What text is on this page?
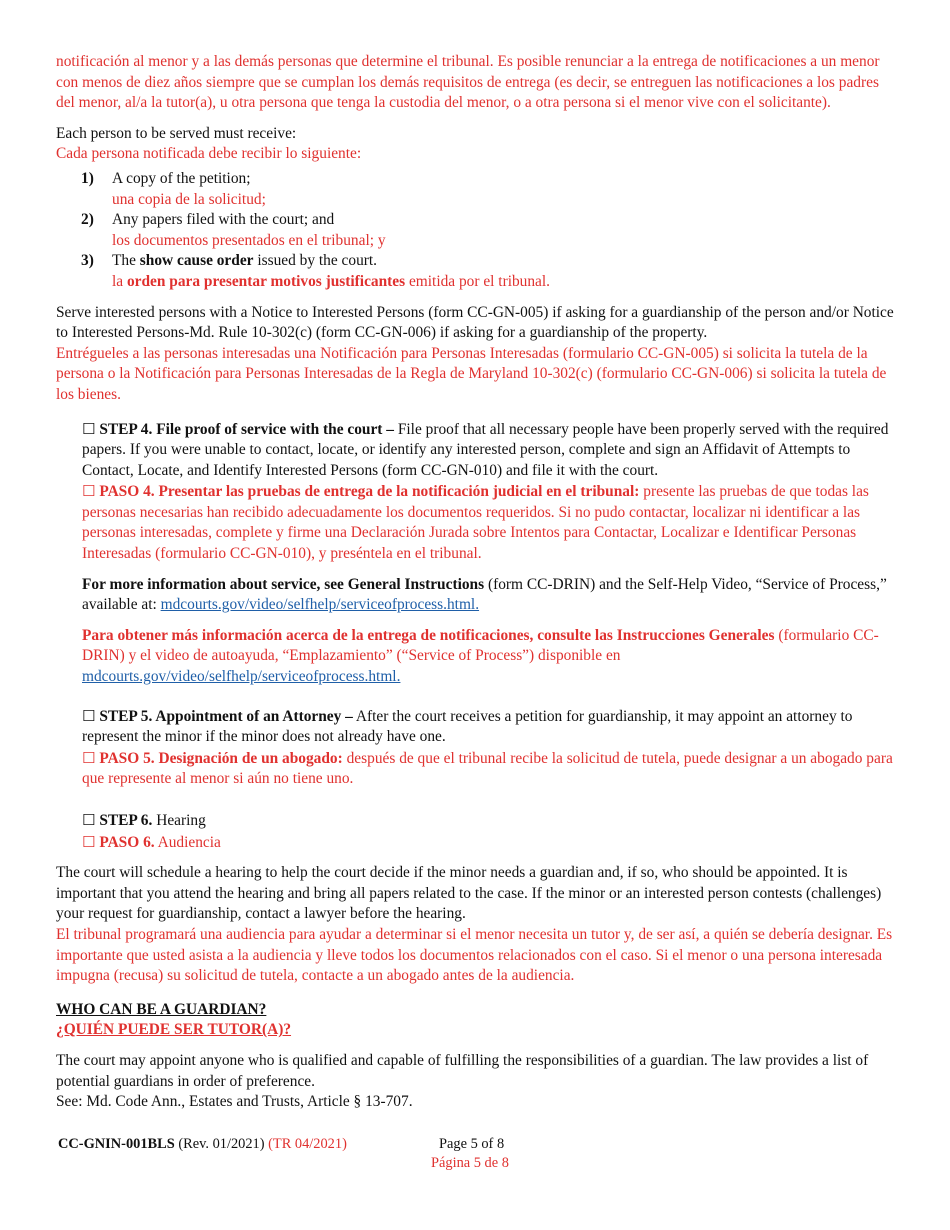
notificación al menor y a las demás personas que determine el tribunal. Es posible renunciar a la entrega de notificaciones a un menor con menos de diez años siempre que se cumplan los demás requisitos de entrega (es decir, se entreguen las notificaciones a los padres del menor, al/a la tutor(a), u otra persona que tenga la custodia del menor, o a otra persona si el menor vive con el solicitante).

Each person to be served must receive:

Cada persona notificada debe recibir lo siguiente:

1)	A copy of the petition;
una copia de la solicitud;
2)	Any papers filed with the court; and
los documentos presentados en el tribunal; y
3)	The show cause order issued by the court.
la orden para presentar motivos justificantes emitida por el tribunal.

Serve interested persons with a Notice to Interested Persons (form CC-GN-005) if asking for a guardianship of the person and/or Notice to Interested Persons-Md. Rule 10-302(c) (form CC-GN-006) if asking for a guardianship of the property.

Entrégueles a las personas interesadas una Notificación para Personas Interesadas (formulario CC-GN-005) si solicita la tutela de la persona o la Notificación para Personas Interesadas de la Regla de Maryland 10-302(c) (formulario CC-GN-006) si solicita la tutela de los bienes.

☐ STEP 4. File proof of service with the court – File proof that all necessary people have been properly served with the required papers. If you were unable to contact, locate, or identify any interested person, complete and sign an Affidavit of Attempts to Contact, Locate, and Identify Interested Persons (form CC-GN-010) and file it with the court.

☐ PASO 4. Presentar las pruebas de entrega de la notificación judicial en el tribunal: presente las pruebas de que todas las personas necesarias han recibido adecuadamente los documentos requeridos. Si no pudo contactar, localizar ni identificar a las personas interesadas, complete y firme una Declaración Jurada sobre Intentos para Contactar, Localizar e Identificar Personas Interesadas (formulario CC-GN-010), y preséntela en el tribunal.

For more information about service, see General Instructions (form CC-DRIN) and the Self-Help Video, “Service of Process,” available at: mdcourts.gov/video/selfhelp/serviceofprocess.html.

Para obtener más información acerca de la entrega de notificaciones, consulte las Instrucciones Generales (formulario CC-DRIN) y el video de autoayuda, “Emplazamiento” (“Service of Process”) disponible en mdcourts.gov/video/selfhelp/serviceofprocess.html.

☐ STEP 5. Appointment of an Attorney – After the court receives a petition for guardianship, it may appoint an attorney to represent the minor if the minor does not already have one.

☐ PASO 5. Designación de un abogado: después de que el tribunal recibe la solicitud de tutela, puede designar a un abogado para que represente al menor si aún no tiene uno.

☐ STEP 6. Hearing

☐ PASO 6. Audiencia

The court will schedule a hearing to help the court decide if the minor needs a guardian and, if so, who should be appointed. It is important that you attend the hearing and bring all papers related to the case. If the minor or an interested person contests (challenges) your request for guardianship, contact a lawyer before the hearing.

El tribunal programará una audiencia para ayudar a determinar si el menor necesita un tutor y, de ser así, a quién se debería designar. Es importante que usted asista a la audiencia y lleve todos los documentos relacionados con el caso. Si el menor o una persona interesada impugna (recusa) su solicitud de tutela, contacte a un abogado antes de la audiencia.

WHO CAN BE A GUARDIAN?

¿QUIÉN PUEDE SER TUTOR(A)?

The court may appoint anyone who is qualified and capable of fulfilling the responsibilities of a guardian. The law provides a list of potential guardians in order of preference.

See: Md. Code Ann., Estates and Trusts, Article § 13-707.

CC-GNIN-001BLS (Rev. 01/2021) (TR 04/2021)	Page 5 of 8
Página 5 de 8
